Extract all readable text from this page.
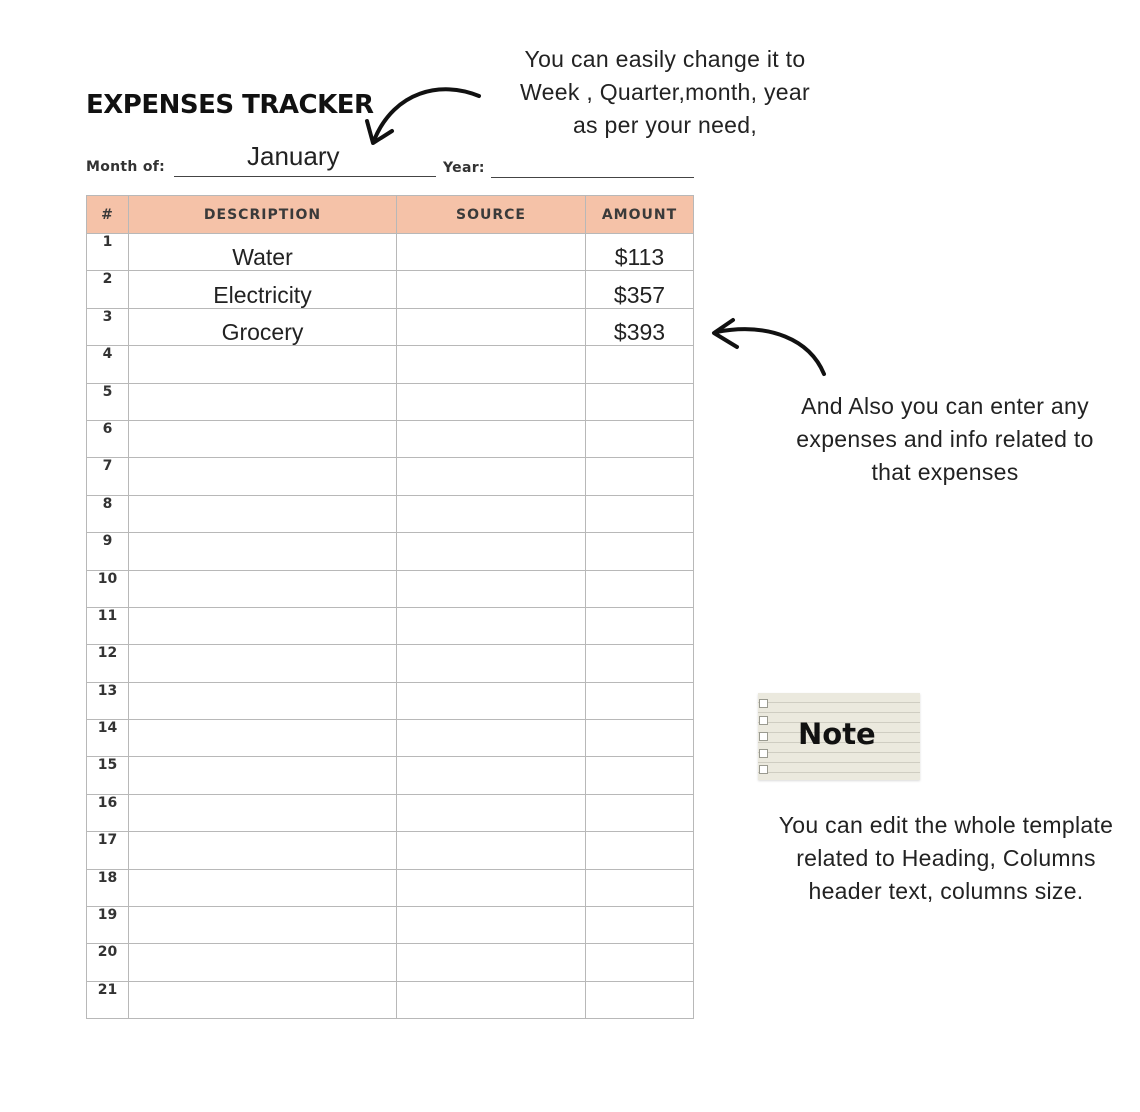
EXPENSES TRACKER
Month of:	January	Year:
You can easily change it to
Week , Quarter,month, year
as per your need,
#	DESCRIPTION	SOURCE	AMOUNT
1	Water		$113
2	Electricity		$357
3	Grocery		$393
4			
5			
6			
7			
8			
9			
10			
11			
12			
13			
14			
15			
16			
17			
18			
19			
20			
21			
And Also you can enter any
expenses and info related to
that expenses
Note
You can edit the whole template
related to Heading, Columns
header text, columns size.
